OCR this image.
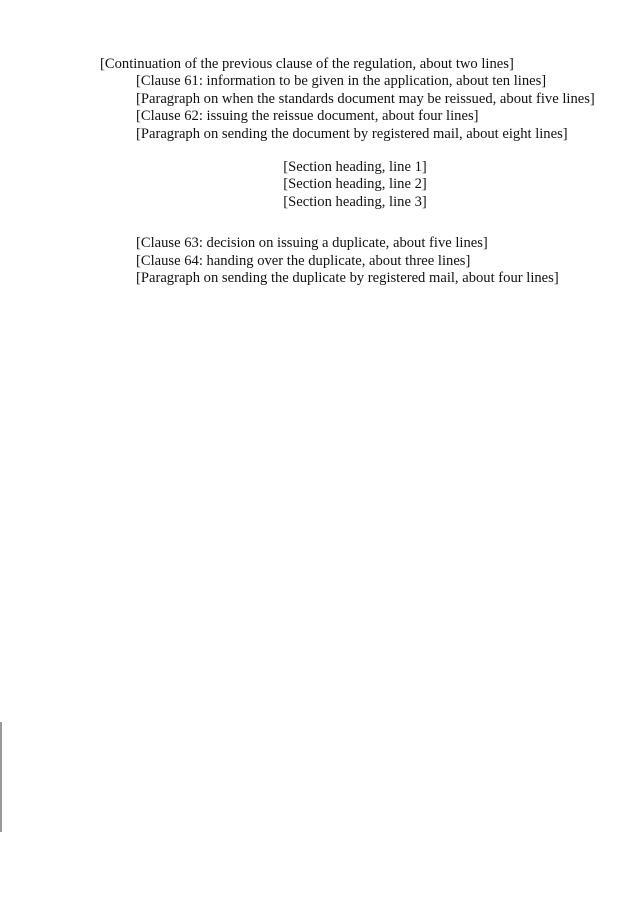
[Continuation of the previous clause of the regulation, about two lines]

[Clause 61: information to be given in the application, about ten lines]

[Paragraph on when the standards document may be reissued, about five lines]

[Clause 62: issuing the reissue document, about four lines]

[Paragraph on sending the document by registered mail, about eight lines]

[Section heading, line 1]
[Section heading, line 2]
[Section heading, line 3]

[Clause 63: decision on issuing a duplicate, about five lines]

[Clause 64: handing over the duplicate, about three lines]

[Paragraph on sending the duplicate by registered mail, about four lines]
